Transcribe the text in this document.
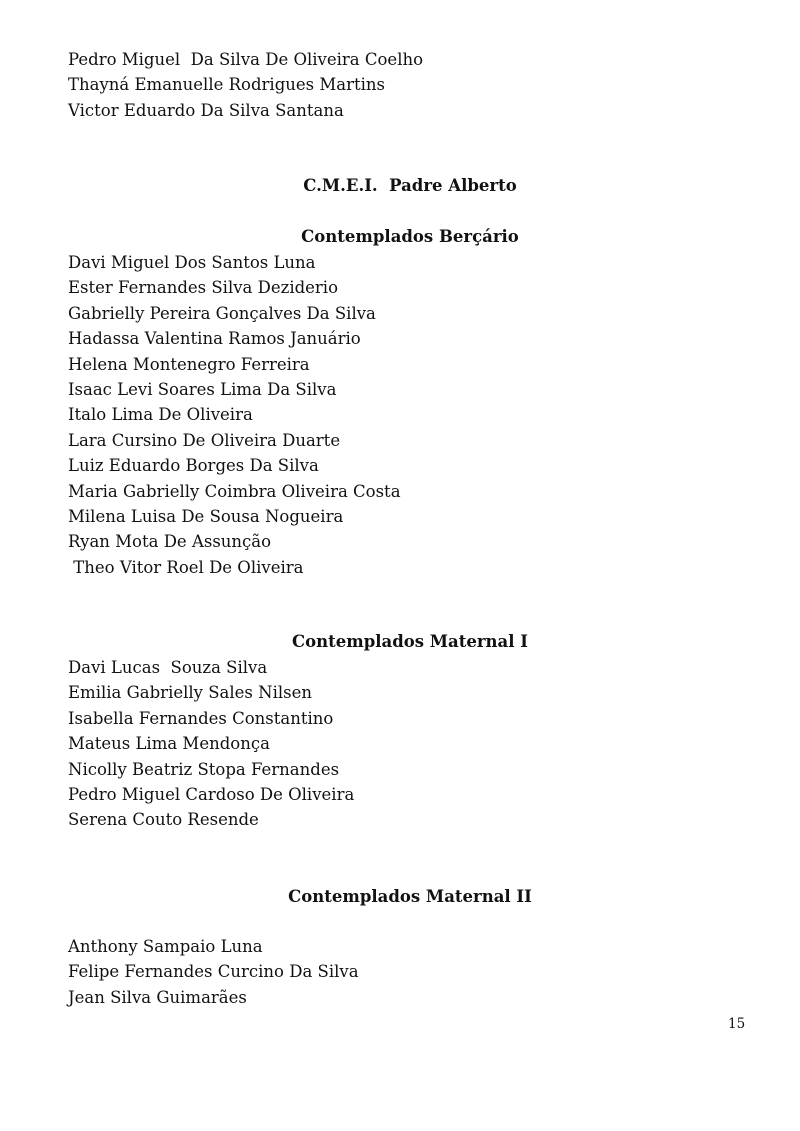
Pedro Miguel  Da Silva De Oliveira Coelho
Thayná Emanuelle Rodrigues Martins
Victor Eduardo Da Silva Santana
C.M.E.I.  Padre Alberto
Contemplados Berçário
Davi Miguel Dos Santos Luna
Ester Fernandes Silva Deziderio
Gabrielly Pereira Gonçalves Da Silva
Hadassa Valentina Ramos Januário
Helena Montenegro Ferreira
Isaac Levi Soares Lima Da Silva
Italo Lima De Oliveira
Lara Cursino De Oliveira Duarte
Luiz Eduardo Borges Da Silva
Maria Gabrielly Coimbra Oliveira Costa
Milena Luisa De Sousa Nogueira
Ryan Mota De Assunção
Theo Vitor Roel De Oliveira
Contemplados Maternal I
Davi Lucas  Souza Silva
Emilia Gabrielly Sales Nilsen
Isabella Fernandes Constantino
Mateus Lima Mendonça
Nicolly Beatriz Stopa Fernandes
Pedro Miguel Cardoso De Oliveira
Serena Couto Resende
Contemplados Maternal II
Anthony Sampaio Luna
Felipe Fernandes Curcino Da Silva
Jean Silva Guimarães
15
